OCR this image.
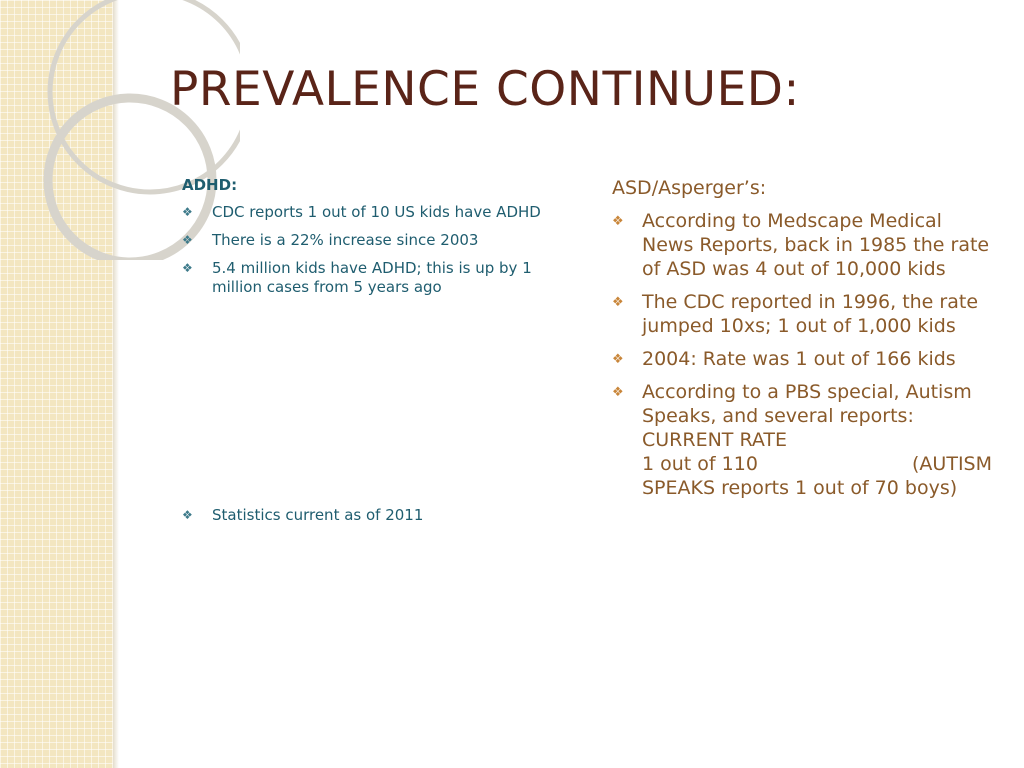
PREVALENCE CONTINUED:
ADHD:
❖ CDC reports 1 out of 10 US kids have ADHD
❖ There is a 22% increase since 2003
❖ 5.4 million kids have ADHD; this is up by 1 million cases from 5 years ago
❖ Statistics current as of 2011
ASD/Asperger’s:
❖ According to Medscape Medical News Reports, back in 1985 the rate of ASD was 4 out of 10,000 kids
❖ The CDC reported in 1996, the rate jumped 10xs; 1 out of 1,000 kids
❖ 2004: Rate was 1 out of 166 kids
❖ According to a PBS special, Autism Speaks, and several reports: CURRENT RATE
1 out of 110	(AUTISM
SPEAKS reports 1 out of 70 boys)
